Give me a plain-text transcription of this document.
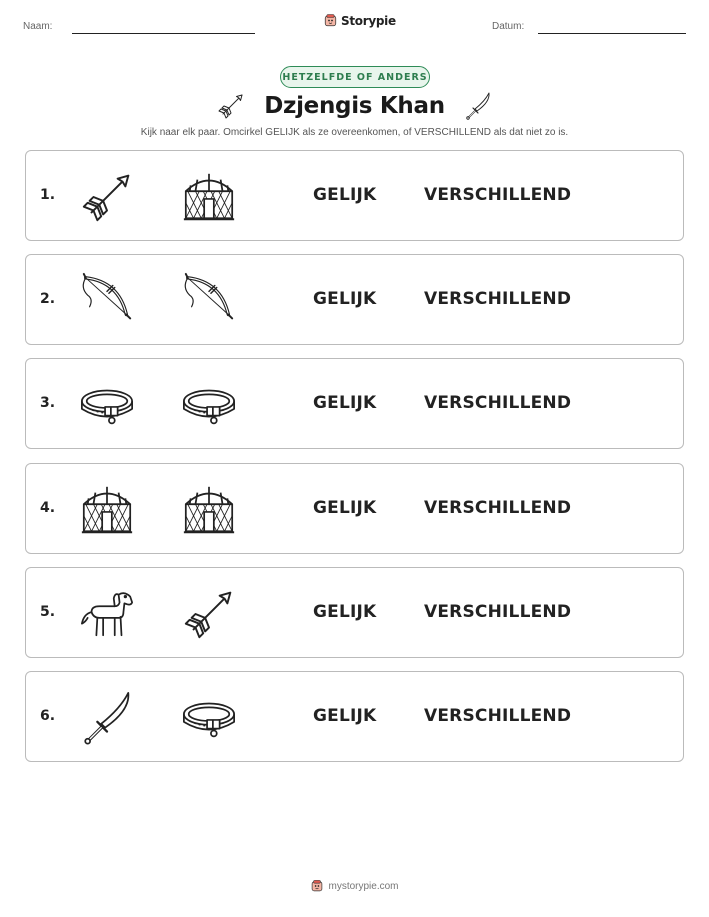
Naam:	Storypie	Datum:
HETZELFDE OF ANDERS
Dzjengis Khan
Kijk naar elk paar. Omcirkel GELIJK als ze overeenkomen, of VERSCHILLEND als dat niet zo is.
1.	GELIJK	VERSCHILLEND
2.	GELIJK	VERSCHILLEND
3.	GELIJK	VERSCHILLEND
4.	GELIJK	VERSCHILLEND
5.	GELIJK	VERSCHILLEND
6.	GELIJK	VERSCHILLEND
mystorypie.com
